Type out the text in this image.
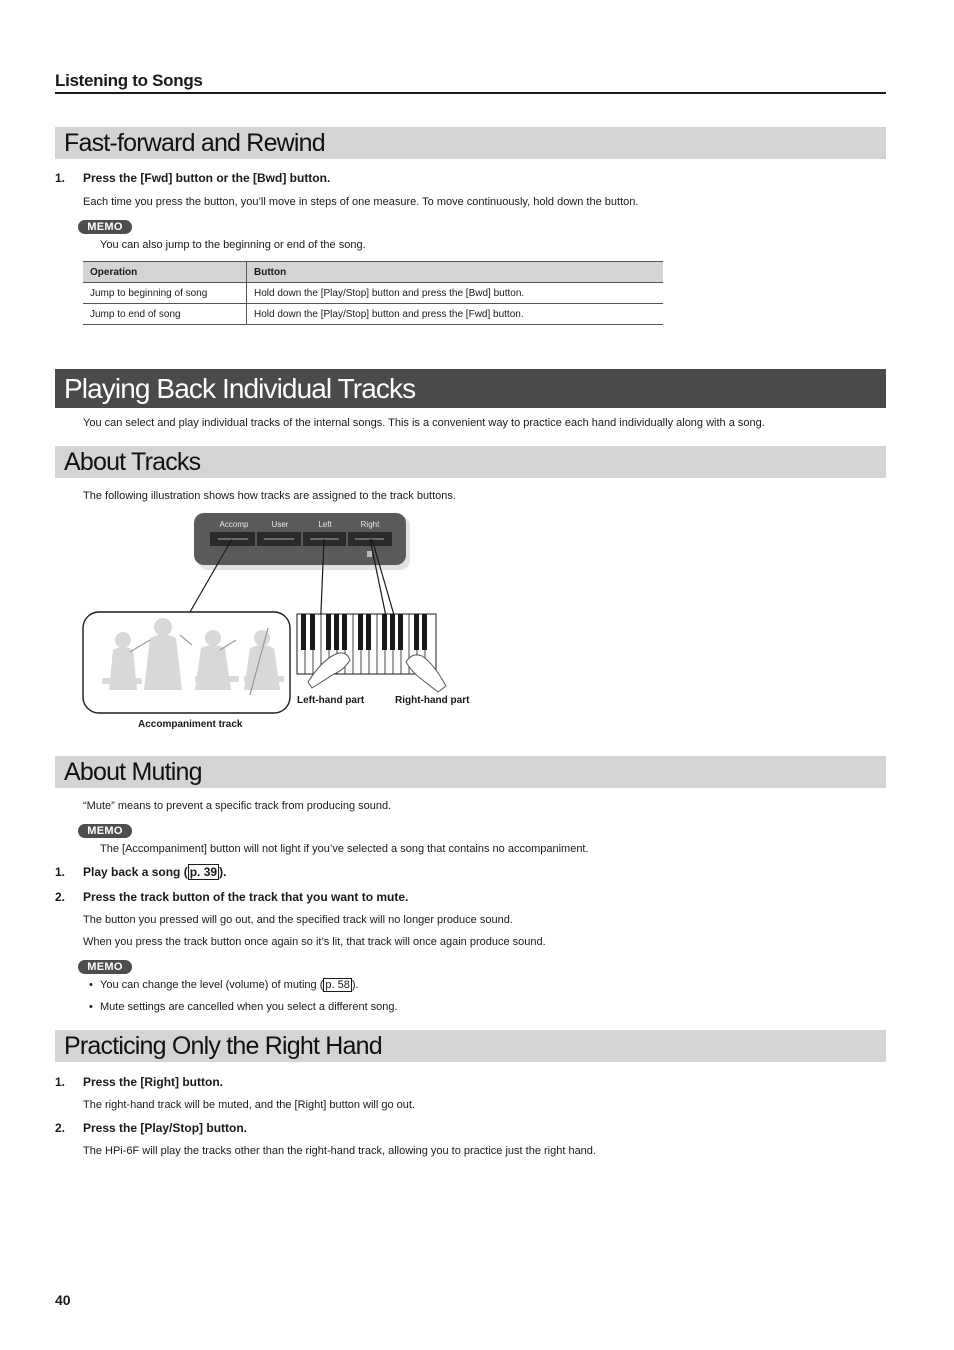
Listening to Songs
Fast-forward and Rewind
1. Press the [Fwd] button or the [Bwd] button.
Each time you press the button, you’ll move in steps of one measure. To move continuously, hold down the button.
MEMO
You can also jump to the beginning or end of the song.
Operation	Button
Jump to beginning of song	Hold down the [Play/Stop] button and press the [Bwd] button.
Jump to end of song	Hold down the [Play/Stop] button and press the [Fwd] button.
Playing Back Individual Tracks
You can select and play individual tracks of the internal songs. This is a convenient way to practice each hand individually along with a song.
About Tracks
The following illustration shows how tracks are assigned to the track buttons.
Accomp	User	Left	Right
Left-hand part	Right-hand part
Accompaniment track
About Muting
“Mute” means to prevent a specific track from producing sound.
MEMO
The [Accompaniment] button will not light if you’ve selected a song that contains no accompaniment.
1. Play back a song ( p. 39 ).
2. Press the track button of the track that you want to mute.
The button you pressed will go out, and the specified track will no longer produce sound.
When you press the track button once again so it’s lit, that track will once again produce sound.
MEMO
• You can change the level (volume) of muting ( p. 58 ).
• Mute settings are cancelled when you select a different song.
Practicing Only the Right Hand
1. Press the [Right] button.
The right-hand track will be muted, and the [Right] button will go out.
2. Press the [Play/Stop] button.
The HPi-6F will play the tracks other than the right-hand track, allowing you to practice just the right hand.
40
